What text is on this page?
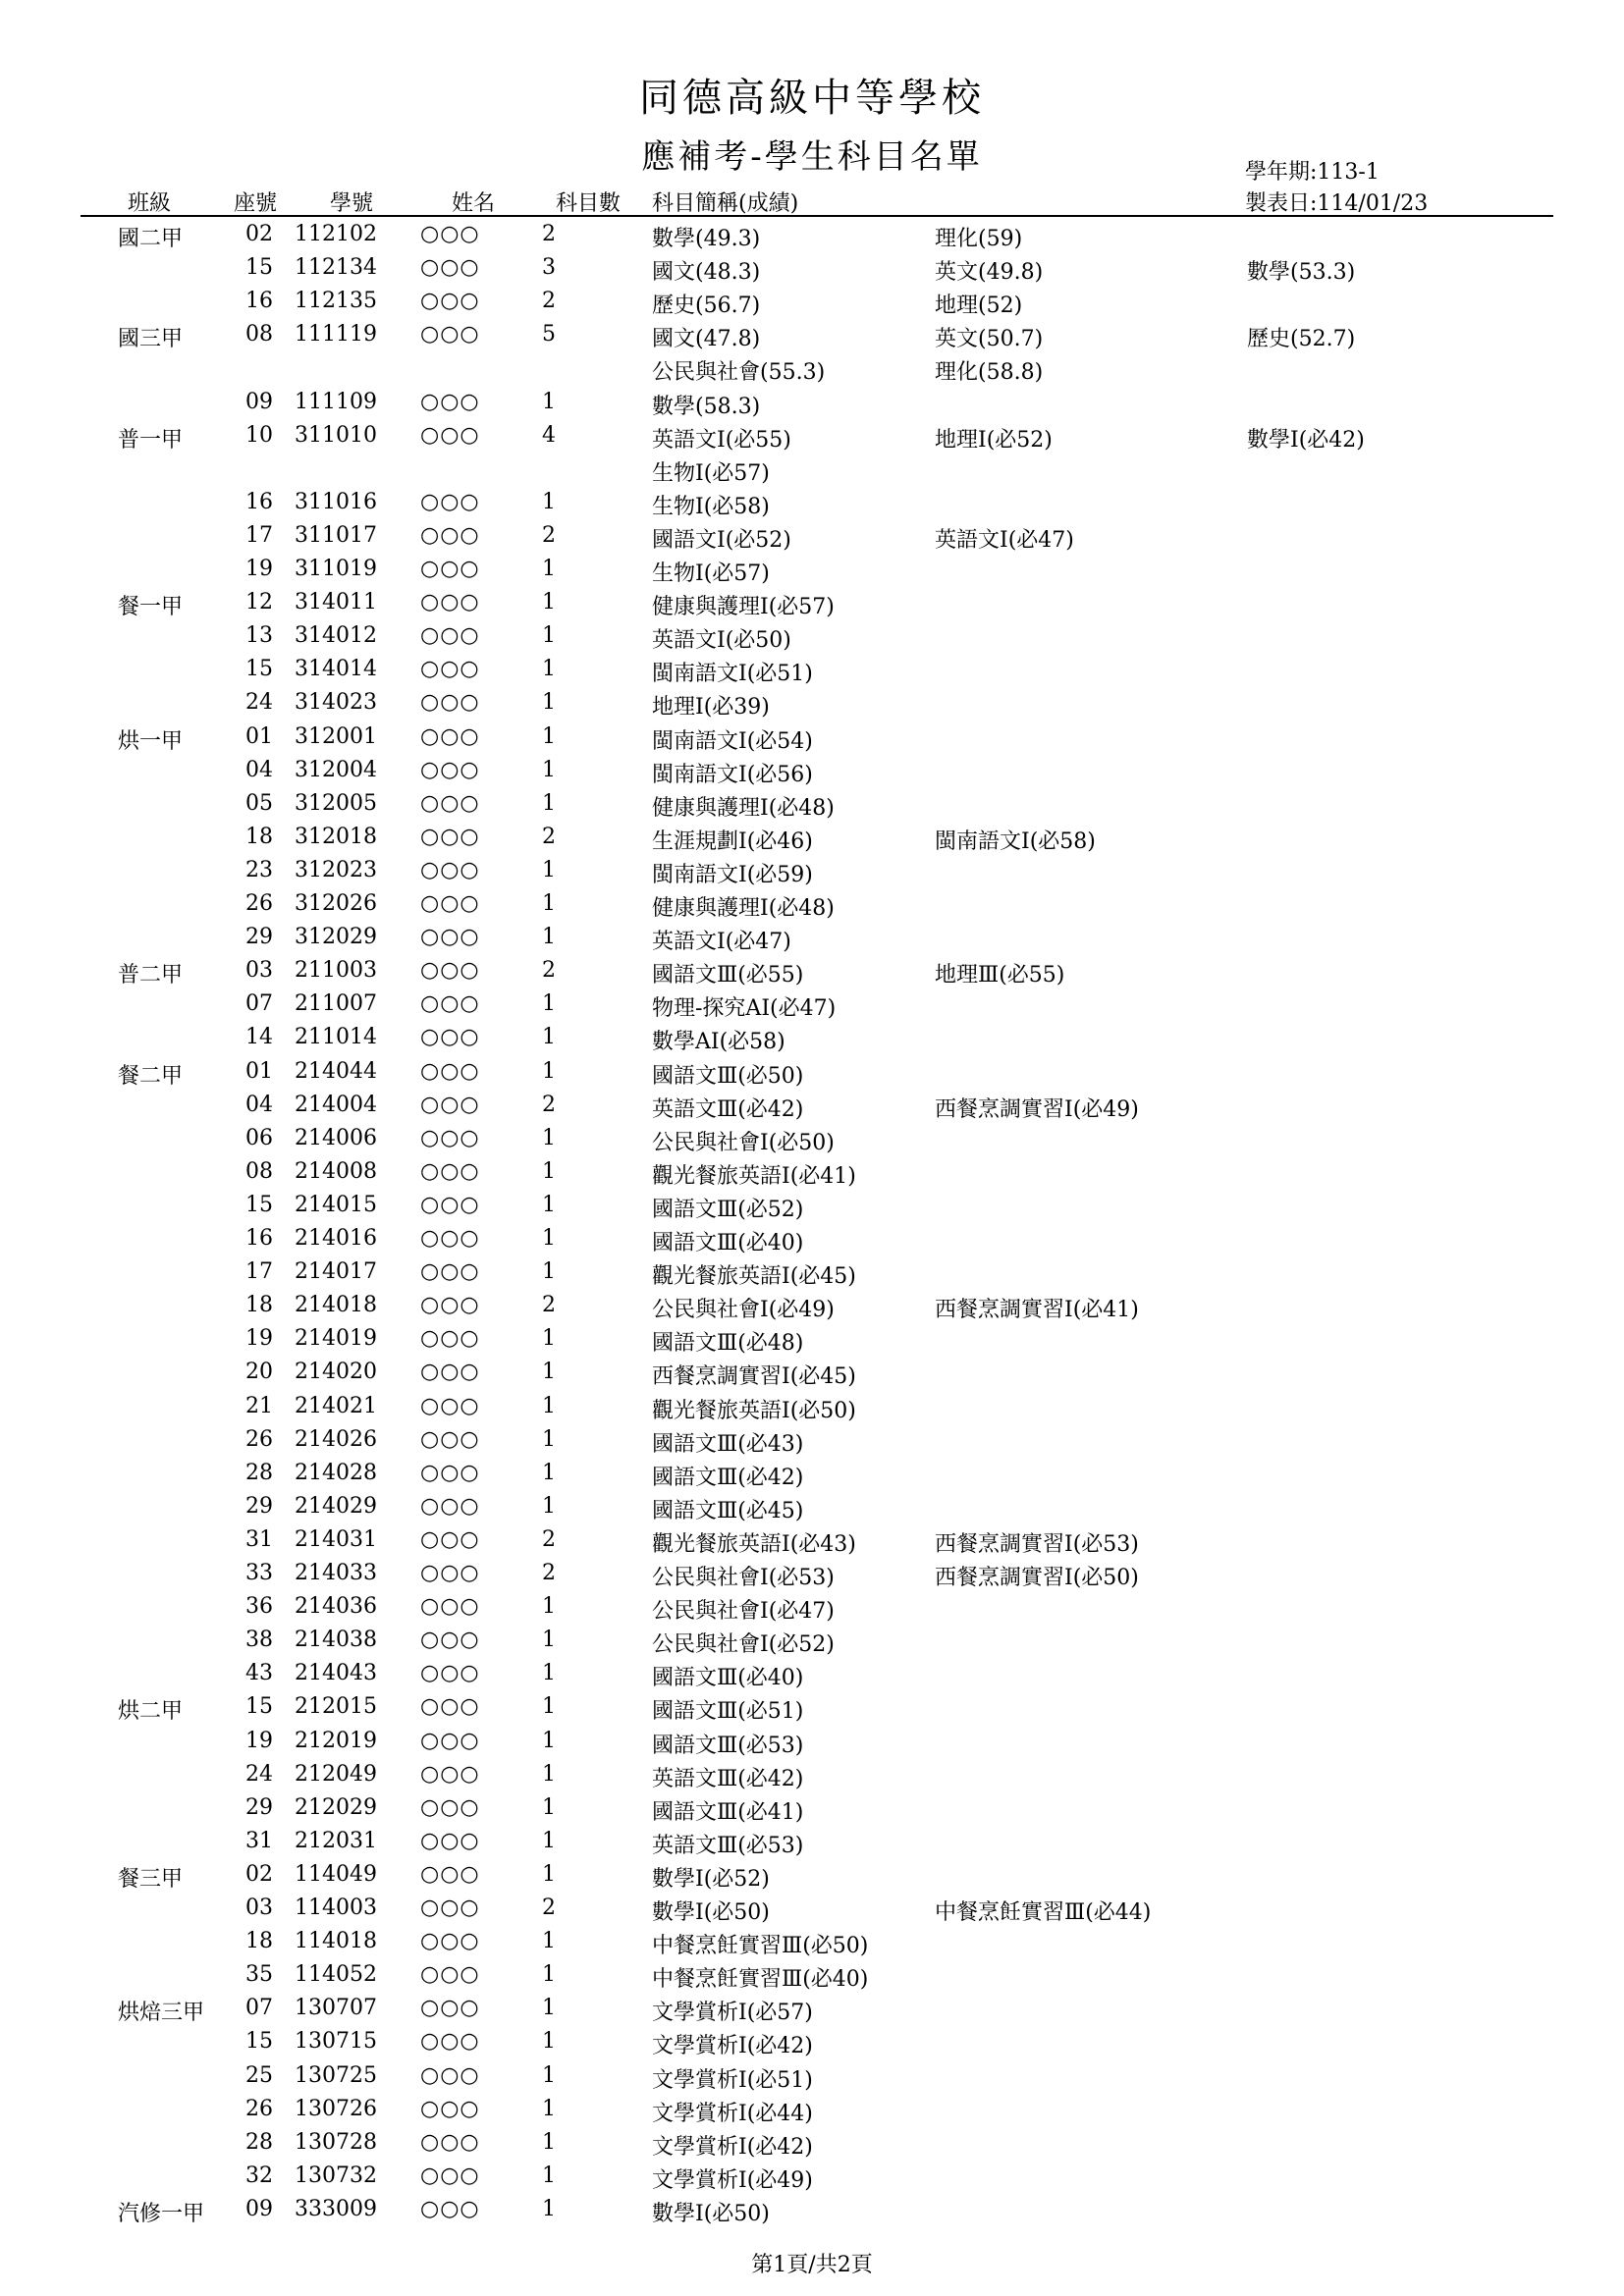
同德高級中等學校
應補考-學生科目名單	學年期:113-1
製表日:114/01/23
班級	座號 學號	姓名	科目數 科目簡稱(成績)
國二甲	02 112102 ○○○	2	數學(49.3)	理化(59)
15 112134 ○○○	3	國文(48.3)	英文(49.8)	數學(53.3)
16 112135 ○○○	2	歷史(56.7)	地理(52)
國三甲	08 111119 ○○○	5	國文(47.8)	英文(50.7)	歷史(52.7)
公民與社會(55.3)	理化(58.8)
09 111109 ○○○	1	數學(58.3)
普一甲	10 311010 ○○○	4	英語文Ⅰ(必55)	地理Ⅰ(必52)	數學Ⅰ(必42)
生物Ⅰ(必57)
16 311016 ○○○	1	生物Ⅰ(必58)
17 311017 ○○○	2	國語文Ⅰ(必52)	英語文Ⅰ(必47)
19 311019 ○○○	1	生物Ⅰ(必57)
餐一甲	12 314011 ○○○	1	健康與護理Ⅰ(必57)
13 314012 ○○○	1	英語文Ⅰ(必50)
15 314014 ○○○	1	閩南語文Ⅰ(必51)
24 314023 ○○○	1	地理Ⅰ(必39)
烘一甲	01 312001 ○○○	1	閩南語文Ⅰ(必54)
04 312004 ○○○	1	閩南語文Ⅰ(必56)
05 312005 ○○○	1	健康與護理Ⅰ(必48)
18 312018 ○○○	2	生涯規劃Ⅰ(必46)	閩南語文Ⅰ(必58)
23 312023 ○○○	1	閩南語文Ⅰ(必59)
26 312026 ○○○	1	健康與護理Ⅰ(必48)
29 312029 ○○○	1	英語文Ⅰ(必47)
普二甲	03 211003 ○○○	2	國語文Ⅲ(必55)	地理Ⅲ(必55)
07 211007 ○○○	1	物理-探究AⅠ(必47)
14 211014 ○○○	1	數學AⅠ(必58)
餐二甲	01 214044 ○○○	1	國語文Ⅲ(必50)
04 214004 ○○○	2	英語文Ⅲ(必42)	西餐烹調實習Ⅰ(必49)
06 214006 ○○○	1	公民與社會Ⅰ(必50)
08 214008 ○○○	1	觀光餐旅英語Ⅰ(必41)
15 214015 ○○○	1	國語文Ⅲ(必52)
16 214016 ○○○	1	國語文Ⅲ(必40)
17 214017 ○○○	1	觀光餐旅英語Ⅰ(必45)
18 214018 ○○○	2	公民與社會Ⅰ(必49)	西餐烹調實習Ⅰ(必41)
19 214019 ○○○	1	國語文Ⅲ(必48)
20 214020 ○○○	1	西餐烹調實習Ⅰ(必45)
21 214021 ○○○	1	觀光餐旅英語Ⅰ(必50)
26 214026 ○○○	1	國語文Ⅲ(必43)
28 214028 ○○○	1	國語文Ⅲ(必42)
29 214029 ○○○	1	國語文Ⅲ(必45)
31 214031 ○○○	2	觀光餐旅英語Ⅰ(必43)	西餐烹調實習Ⅰ(必53)
33 214033 ○○○	2	公民與社會Ⅰ(必53)	西餐烹調實習Ⅰ(必50)
36 214036 ○○○	1	公民與社會Ⅰ(必47)
38 214038 ○○○	1	公民與社會Ⅰ(必52)
43 214043 ○○○	1	國語文Ⅲ(必40)
烘二甲	15 212015 ○○○	1	國語文Ⅲ(必51)
19 212019 ○○○	1	國語文Ⅲ(必53)
24 212049 ○○○	1	英語文Ⅲ(必42)
29 212029 ○○○	1	國語文Ⅲ(必41)
31 212031 ○○○	1	英語文Ⅲ(必53)
餐三甲	02 114049 ○○○	1	數學Ⅰ(必52)
03 114003 ○○○	2	數學Ⅰ(必50)	中餐烹飪實習Ⅲ(必44)
18 114018 ○○○	1	中餐烹飪實習Ⅲ(必50)
35 114052 ○○○	1	中餐烹飪實習Ⅲ(必40)
烘焙三甲 07 130707 ○○○	1	文學賞析Ⅰ(必57)
15 130715 ○○○	1	文學賞析Ⅰ(必42)
25 130725 ○○○	1	文學賞析Ⅰ(必51)
26 130726 ○○○	1	文學賞析Ⅰ(必44)
28 130728 ○○○	1	文學賞析Ⅰ(必42)
32 130732 ○○○	1	文學賞析Ⅰ(必49)
汽修一甲 09 333009 ○○○	1	數學Ⅰ(必50)
第1頁/共2頁
